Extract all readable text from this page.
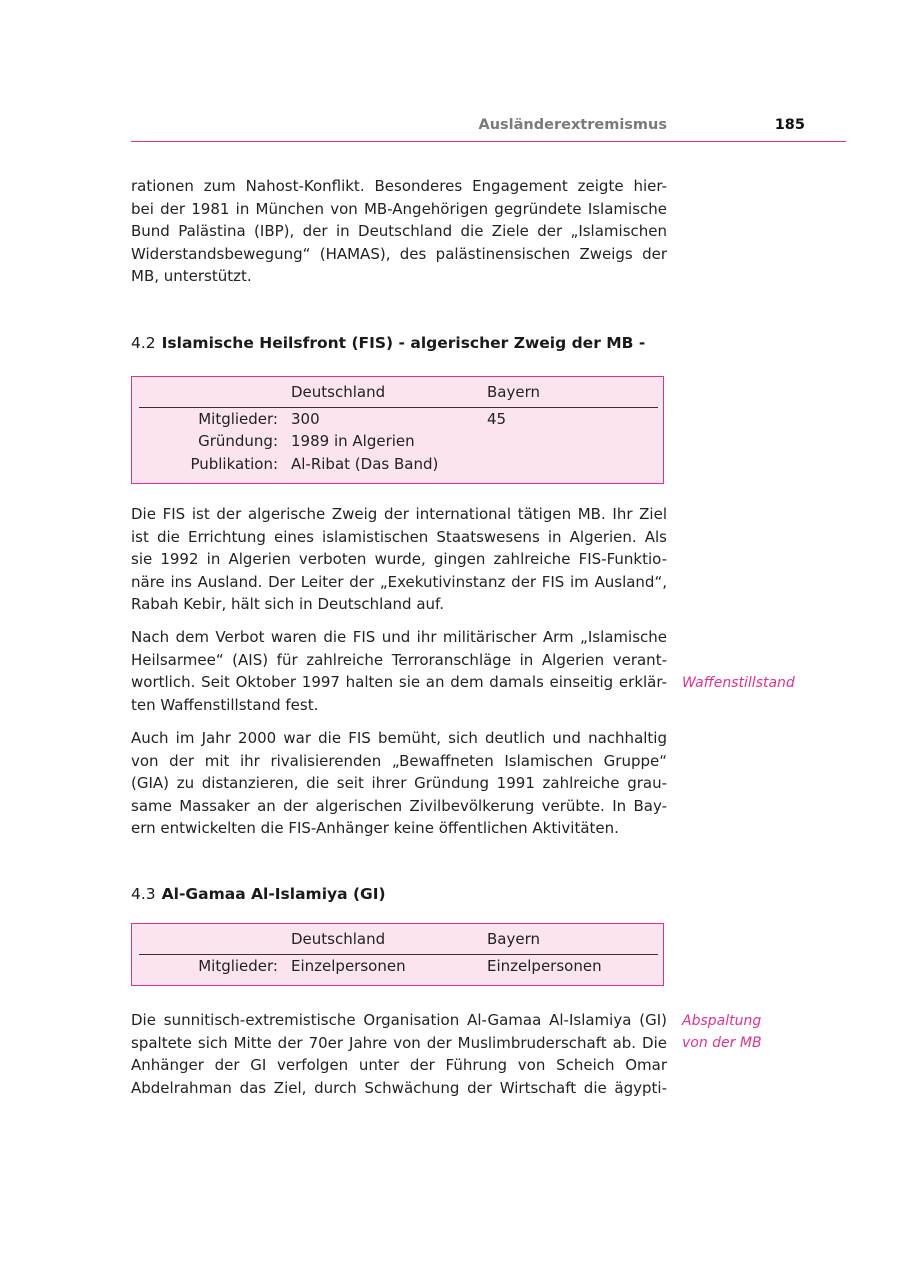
Ausländerextremismus	185

rationen zum Nahost-Konflikt. Besonderes Engagement zeigte hier-
bei der 1981 in München von MB-Angehörigen gegründete Islamische
Bund Palästina (IBP), der in Deutschland die Ziele der „Islamischen
Widerstandsbewegung“ (HAMAS), des palästinensischen Zweigs der
MB, unterstützt.

4.2 Islamische Heilsfront (FIS) - algerischer Zweig der MB -
Deutschland	Bayern
Mitglieder: 300	45
Gründung: 1989 in Algerien
Publikation: Al-Ribat (Das Band)

Die FIS ist der algerische Zweig der international tätigen MB. Ihr Ziel
ist die Errichtung eines islamistischen Staatswesens in Algerien. Als
sie 1992 in Algerien verboten wurde, gingen zahlreiche FIS-Funktio-
näre ins Ausland. Der Leiter der „Exekutivinstanz der FIS im Ausland“,
Rabah Kebir, hält sich in Deutschland auf.

Nach dem Verbot waren die FIS und ihr militärischer Arm „Islamische
Heilsarmee“ (AIS) für zahlreiche Terroranschläge in Algerien verant-
wortlich. Seit Oktober 1997 halten sie an dem damals einseitig erklär-
ten Waffenstillstand fest.

Waffenstillstand

Auch im Jahr 2000 war die FIS bemüht, sich deutlich und nachhaltig
von der mit ihr rivalisierenden „Bewaffneten Islamischen Gruppe“
(GIA) zu distanzieren, die seit ihrer Gründung 1991 zahlreiche grau-
same Massaker an der algerischen Zivilbevölkerung verübte. In Bay-
ern entwickelten die FIS-Anhänger keine öffentlichen Aktivitäten.

4.3 Al-Gamaa Al-Islamiya (GI)
Deutschland	Bayern
Mitglieder: Einzelpersonen	Einzelpersonen

Die sunnitisch-extremistische Organisation Al-Gamaa Al-Islamiya (GI)
spaltete sich Mitte der 70er Jahre von der Muslimbruderschaft ab. Die
Anhänger der GI verfolgen unter der Führung von Scheich Omar
Abdelrahman das Ziel, durch Schwächung der Wirtschaft die ägypti-

Abspaltung
von der MB
